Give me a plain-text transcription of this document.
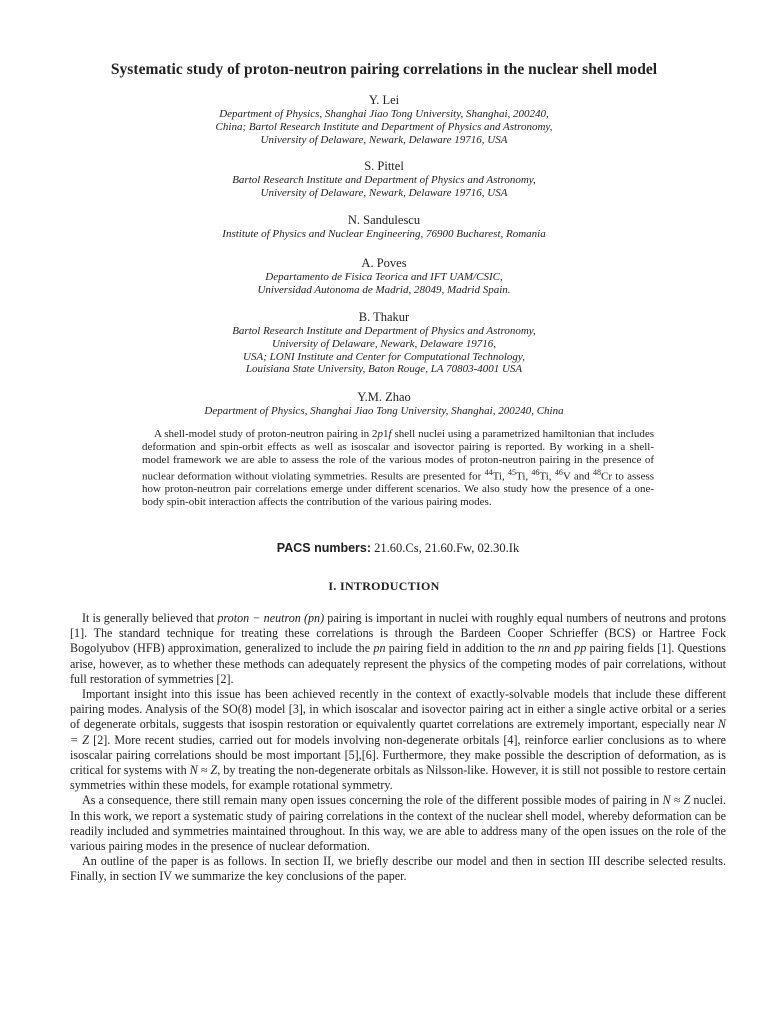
Systematic study of proton-neutron pairing correlations in the nuclear shell model
Y. Lei
Department of Physics, Shanghai Jiao Tong University, Shanghai, 200240,
China; Bartol Research Institute and Department of Physics and Astronomy,
University of Delaware, Newark, Delaware 19716, USA
S. Pittel
Bartol Research Institute and Department of Physics and Astronomy,
University of Delaware, Newark, Delaware 19716, USA
N. Sandulescu
Institute of Physics and Nuclear Engineering, 76900 Bucharest, Romania
A. Poves
Departamento de Fisica Teorica and IFT UAM/CSIC,
Universidad Autonoma de Madrid, 28049, Madrid Spain.
B. Thakur
Bartol Research Institute and Department of Physics and Astronomy,
University of Delaware, Newark, Delaware 19716,
USA; LONI Institute and Center for Computational Technology,
Louisiana State University, Baton Rouge, LA 70803-4001 USA
Y.M. Zhao
Department of Physics, Shanghai Jiao Tong University, Shanghai, 200240, China

A shell-model study of proton-neutron pairing in 2p1f shell nuclei using a parametrized hamiltonian that includes deformation and spin-orbit effects as well as isoscalar and isovector pairing is reported. By working in a shell-model framework we are able to assess the role of the various modes of proton-neutron pairing in the presence of nuclear deformation without violating symmetries. Results are presented for $^{44}$Ti, $^{45}$Ti, $^{46}$Ti, $^{46}$V and $^{48}$Cr to assess how proton-neutron pair correlations emerge under different scenarios. We also study how the presence of a one-body spin-obit interaction affects the contribution of the various pairing modes.

PACS numbers: 21.60.Cs, 21.60.Fw, 02.30.Ik
I. INTRODUCTION

It is generally believed that proton − neutron (pn) pairing is important in nuclei with roughly equal numbers of neutrons and protons [1]. The standard technique for treating these correlations is through the Bardeen Cooper Schrieffer (BCS) or Hartree Fock Bogolyubov (HFB) approximation, generalized to include the pn pairing field in addition to the nn and pp pairing fields [1]. Questions arise, however, as to whether these methods can adequately represent the physics of the competing modes of pair correlations, without full restoration of symmetries [2].

Important insight into this issue has been achieved recently in the context of exactly-solvable models that include these different pairing modes. Analysis of the SO(8) model [3], in which isoscalar and isovector pairing act in either a single active orbital or a series of degenerate orbitals, suggests that isospin restoration or equivalently quartet correlations are extremely important, especially near N = Z [2]. More recent studies, carried out for models involving non-degenerate orbitals [4], reinforce earlier conclusions as to where isoscalar pairing correlations should be most important [5],[6]. Furthermore, they make possible the description of deformation, as is critical for systems with N ≈ Z, by treating the non-degenerate orbitals as Nilsson-like. However, it is still not possible to restore certain symmetries within these models, for example rotational symmetry.

As a consequence, there still remain many open issues concerning the role of the different possible modes of pairing in N ≈ Z nuclei. In this work, we report a systematic study of pairing correlations in the context of the nuclear shell model, whereby deformation can be readily included and symmetries maintained throughout. In this way, we are able to address many of the open issues on the role of the various pairing modes in the presence of nuclear deformation.

An outline of the paper is as follows. In section II, we briefly describe our model and then in section III describe selected results. Finally, in section IV we summarize the key conclusions of the paper.
